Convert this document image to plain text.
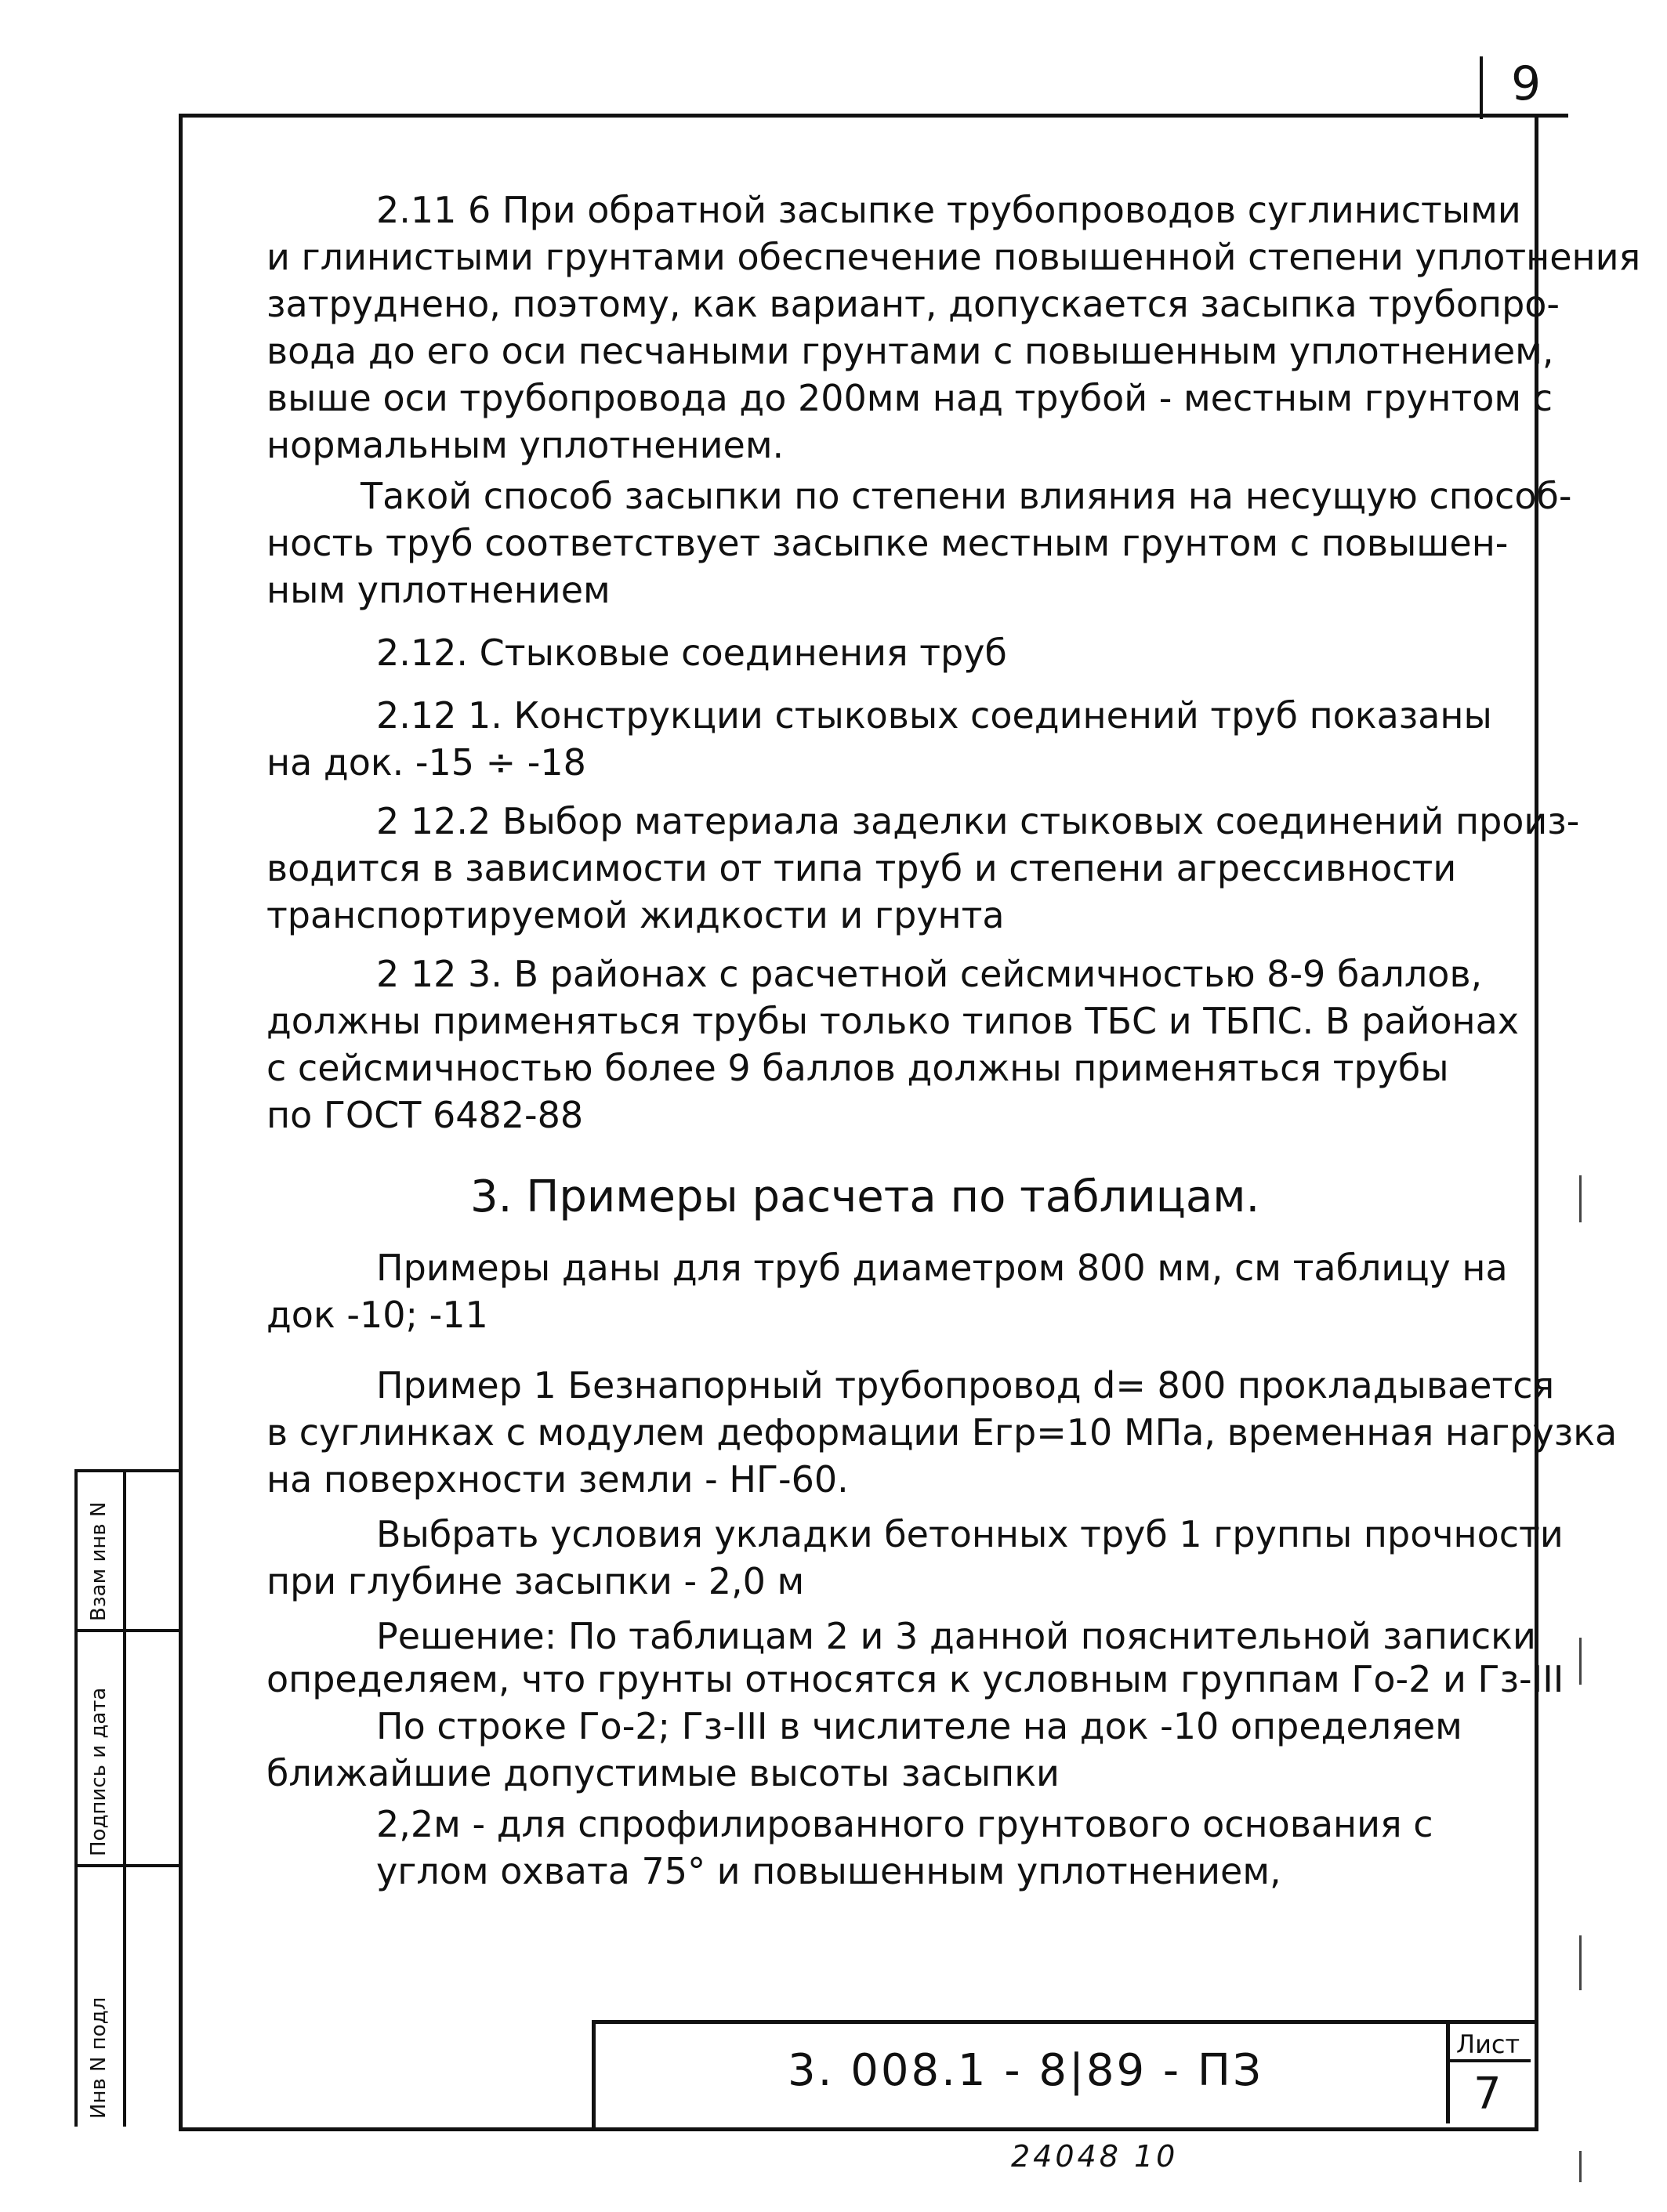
9
2.11 6 При обратной засыпке трубопроводов суглинистыми
и глинистыми грунтами обеспечение повышенной степени уплотнения
затруднено, поэтому, как вариант, допускается засыпка трубопро-
вода до его оси песчаными грунтами с повышенным уплотнением,
выше оси трубопровода до 200мм над трубой - местным грунтом с
нормальным уплотнением.
Такой способ засыпки по степени влияния на несущую способ-
ность труб соответствует засыпке местным грунтом с повышен-
ным уплотнением
2.12. Стыковые соединения труб
2.12 1. Конструкции стыковых соединений труб показаны
на док. -15 ÷ -18
2 12.2 Выбор материала заделки стыковых соединений произ-
водится в зависимости от типа труб и степени агрессивности
транспортируемой жидкости и грунта
2 12 3. В районах с расчетной сейсмичностью 8-9 баллов,
должны применяться трубы только типов ТБС и ТБПС. В районах
с сейсмичностью более 9 баллов должны применяться трубы
по ГОСТ 6482-88
3. Примеры расчета по таблицам.
Примеры даны для труб диаметром 800 мм, см таблицу на
док -10; -11
Пример 1 Безнапорный трубопровод d= 800 прокладывается
в суглинках с модулем деформации Eгр=10 МПа, временная нагрузка
на поверхности земли - НГ-60.
Выбрать условия укладки бетонных труб 1 группы прочности
при глубине засыпки - 2,0 м
Решение: По таблицам 2 и 3 данной пояснительной записки
определяем, что грунты относятся к условным группам Го-2 и Гз-III
По строке Го-2; Гз-III в числителе на док -10 определяем
ближайшие допустимые высоты засыпки
2,2м - для спрофилированного грунтового основания с
углом охвата 75° и повышенным уплотнением,
Взам инв N
Подпись и дата
Инв N подл	3. 008.1 - 8|89 - ПЗ
Лист
7
24048 10
